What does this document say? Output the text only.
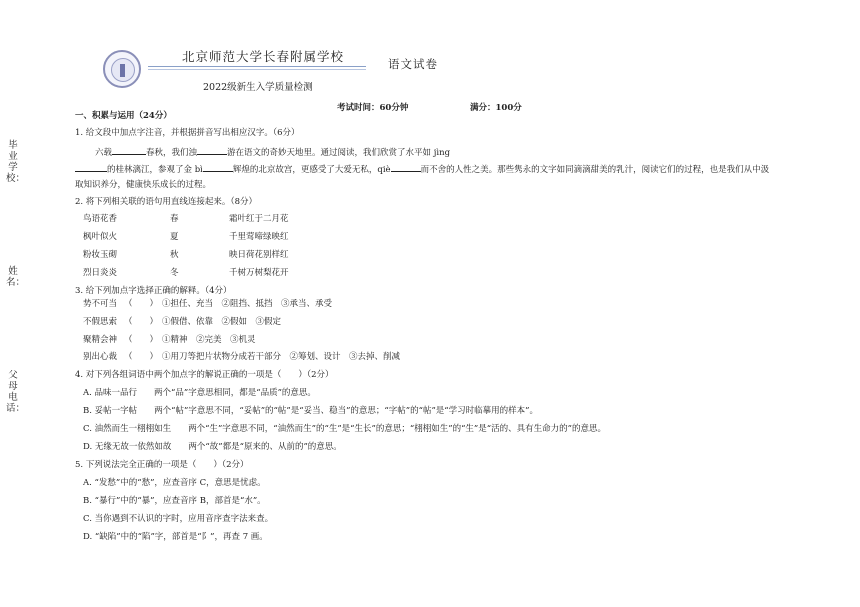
毕业学校：
姓名：
父母电话：
北京师范大学长春附属学校	语文试卷
2022级新生入学质量检测
考试时间：60分钟	满分：100分
一、积累与运用（24分）
1. 给文段中加点字注音，并根据拼音写出相应汉字。（6分）
六载	春秋，我们浊	游在语文的奇妙天地里。通过阅读，我们欣赏了水平如 jìng
的桂林漓江，参观了金 bì	辉煌的北京故宫，更感受了大爱无私，qiè	而不舍的人性之美。那些隽永的文字如同滴滴甜美的乳汁，阅读它们的过程，也是我们从中汲
取知识养分，健康快乐成长的过程。
2. 将下列相关联的语句用直线连接起来。（8分）
鸟语花香	春	霜叶红于二月花
枫叶似火	夏	千里莺啼绿映红
粉妆玉砌	秋	映日荷花别样红
烈日炎炎	冬	千树万树梨花开
3. 给下列加点字选择正确的解释。（4分）
势不可当 （　　） ①担任、充当　②阻挡、抵挡　③承当、承受
不假思索 （　　） ①假借、依靠　②假如　③假定
聚精会神 （　　） ①精神　②完美　③机灵
别出心裁 （　　） ①用刀等把片状物分成若干部分　②筹划、设计　③去掉、削减
4. 对下列各组词语中两个加点字的解说正确的一项是（　　）（2分）
A. 品味一品行　　两个“品”字意思相同，都是“品质”的意思。
B. 妥帖一字帖　　两个“帖”字意思不同，“妥帖”的“帖”是“妥当、稳当”的意思；“字帖”的“帖”是“学习时临摹用的样本”。
C. 油然而生一栩栩如生　　两个“生”字意思不同，“油然而生”的“生”是“生长”的意思；“栩栩如生”的“生”是“活的、具有生命力的”的意思。
D. 无缘无故一依然如故　　两个“故”都是“原来的、从前的”的意思。
5. 下列说法完全正确的一项是（　　）（2分）
A. “发愁”中的“愁”，应查音序 C，意思是忧虑。
B. “暴行”中的“暴”，应查音序 B，部首是“水”。
C. 当你遇到不认识的字时，应用音序查字法来查。
D. “缺陷”中的“陷”字，部首是“阝”，再查 7 画。
